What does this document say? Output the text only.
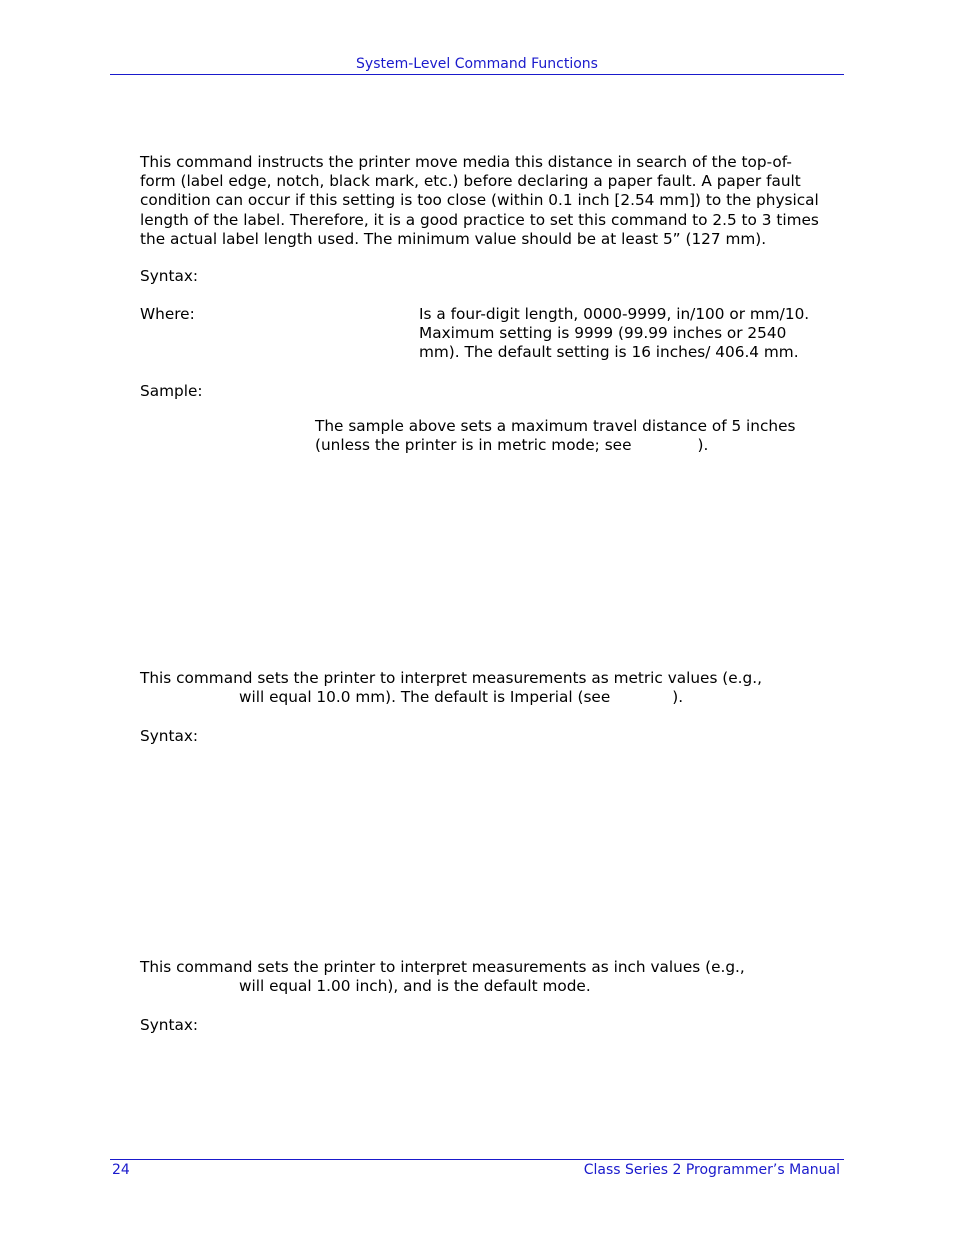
System-Level Command Functions
This command instructs the printer move media this distance in search of the top-of-
form (label edge, notch, black mark, etc.) before declaring a paper fault. A paper fault
condition can occur if this setting is too close (within 0.1 inch [2.54 mm]) to the physical
length of the label. Therefore, it is a good practice to set this command to 2.5 to 3 times
the actual label length used. The minimum value should be at least 5” (127 mm).
Syntax:
Where:	Is a four-digit length, 0000-9999, in/100 or mm/10.
Maximum setting is 9999 (99.99 inches or 2540
mm). The default setting is 16 inches/ 406.4 mm.
Sample:
The sample above sets a maximum travel distance of 5 inches
(unless the printer is in metric mode; see	).
This command sets the printer to interpret measurements as metric values (e.g.,
will equal 10.0 mm). The default is Imperial (see	).
Syntax:
This command sets the printer to interpret measurements as inch values (e.g.,
will equal 1.00 inch), and is the default mode.
Syntax:
24	Class Series 2 Programmer’s Manual
